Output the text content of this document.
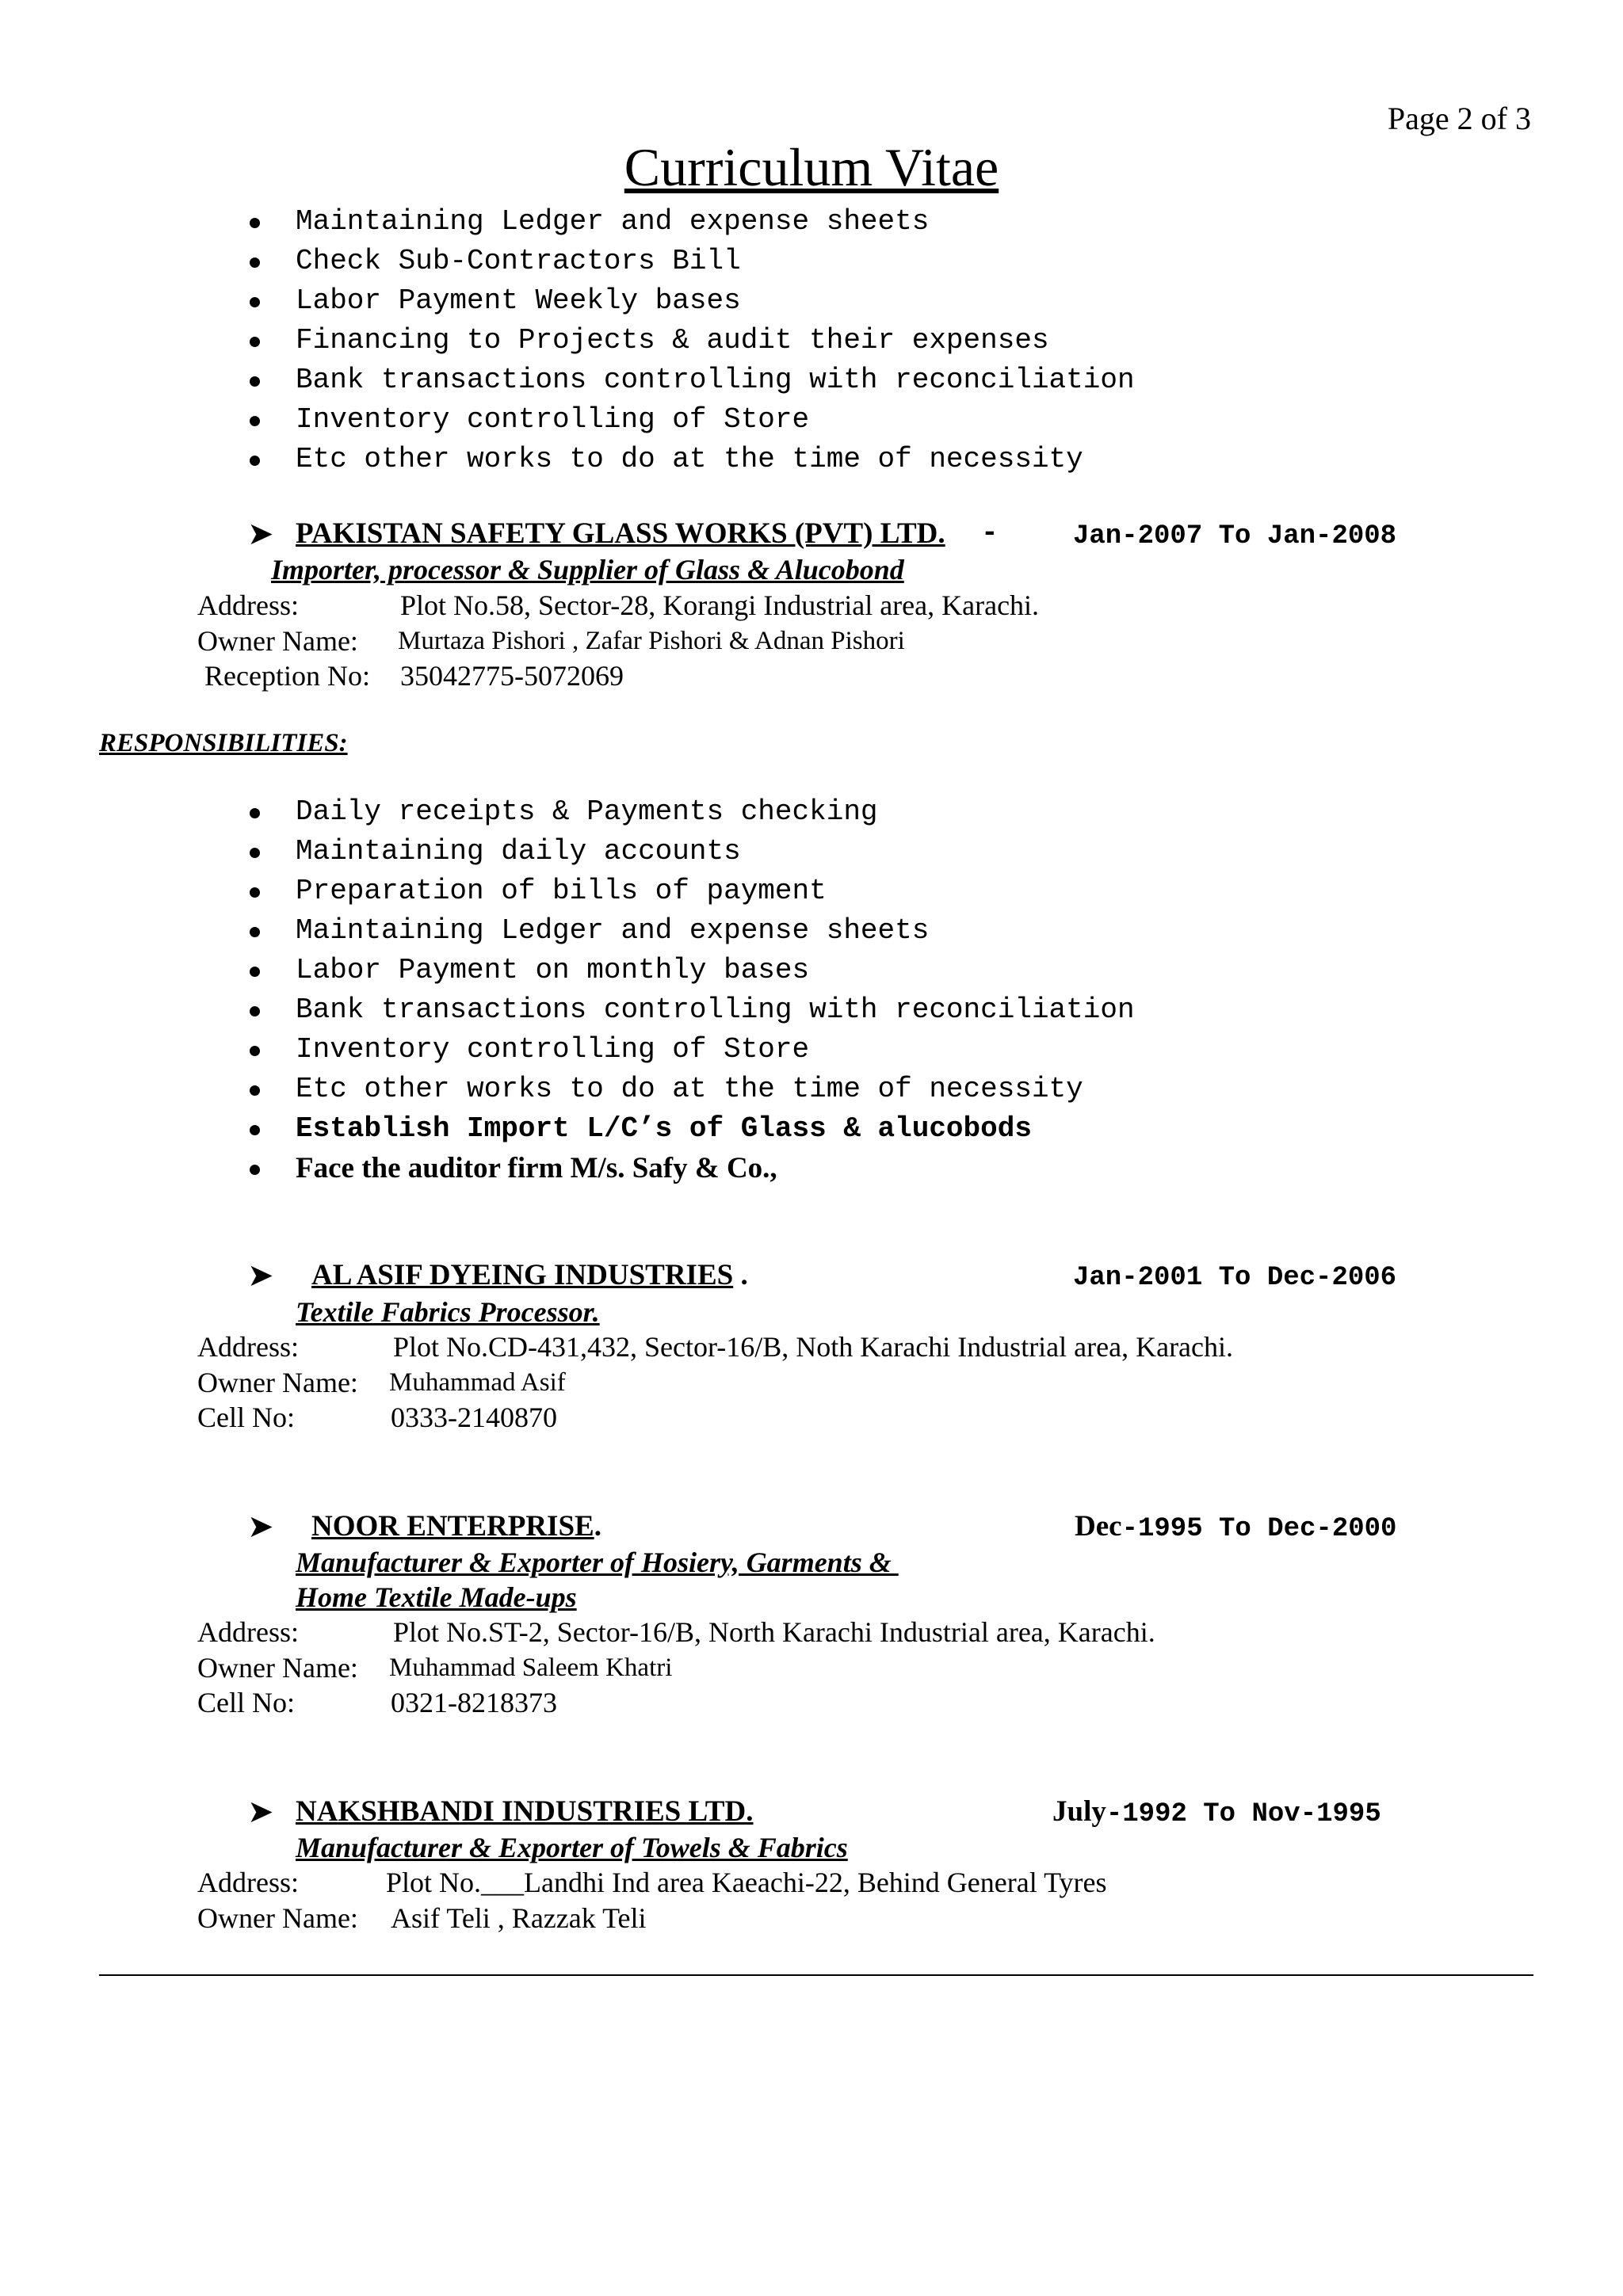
Page 2 of 3
Curriculum Vitae
Maintaining Ledger and expense sheets
Check Sub-Contractors Bill
Labor Payment Weekly bases
Financing to Projects & audit their expenses
Bank transactions controlling with reconciliation
Inventory controlling of Store
Etc other works to do at the time of necessity
➤ PAKISTAN SAFETY GLASS WORKS (PVT) LTD. -	Jan-2007 To Jan-2008
Importer, processor & Supplier of Glass & Alucobond
Address:	Plot No.58, Sector-28, Korangi Industrial area, Karachi.
Owner Name: Murtaza Pishori , Zafar Pishori & Adnan Pishori
Reception No: 35042775-5072069
RESPONSIBILITIES:
Daily receipts & Payments checking
Maintaining daily accounts
Preparation of bills of payment
Maintaining Ledger and expense sheets
Labor Payment on monthly bases
Bank transactions controlling with reconciliation
Inventory controlling of Store
Etc other works to do at the time of necessity
Establish Import L/C’s of Glass & alucobods
Face the auditor firm M/s. Safy & Co.,
➤ AL ASIF DYEING INDUSTRIES .	Jan-2001 To Dec-2006
Textile Fabrics Processor.
Address:	Plot No.CD-431,432, Sector-16/B, Noth Karachi Industrial area, Karachi.
Owner Name: Muhammad Asif
Cell No:	0333-2140870
➤ NOOR ENTERPRISE.	Dec-1995 To Dec-2000
Manufacturer & Exporter of Hosiery, Garments &
Home Textile Made-ups
Address:	Plot No.ST-2, Sector-16/B, North Karachi Industrial area, Karachi.
Owner Name: Muhammad Saleem Khatri
Cell No:	0321-8218373
➤ NAKSHBANDI INDUSTRIES LTD.	July-1992 To Nov-1995
Manufacturer & Exporter of Towels & Fabrics
Address:	Plot No.___Landhi Ind area Kaeachi-22, Behind General Tyres
Owner Name: Asif Teli , Razzak Teli
